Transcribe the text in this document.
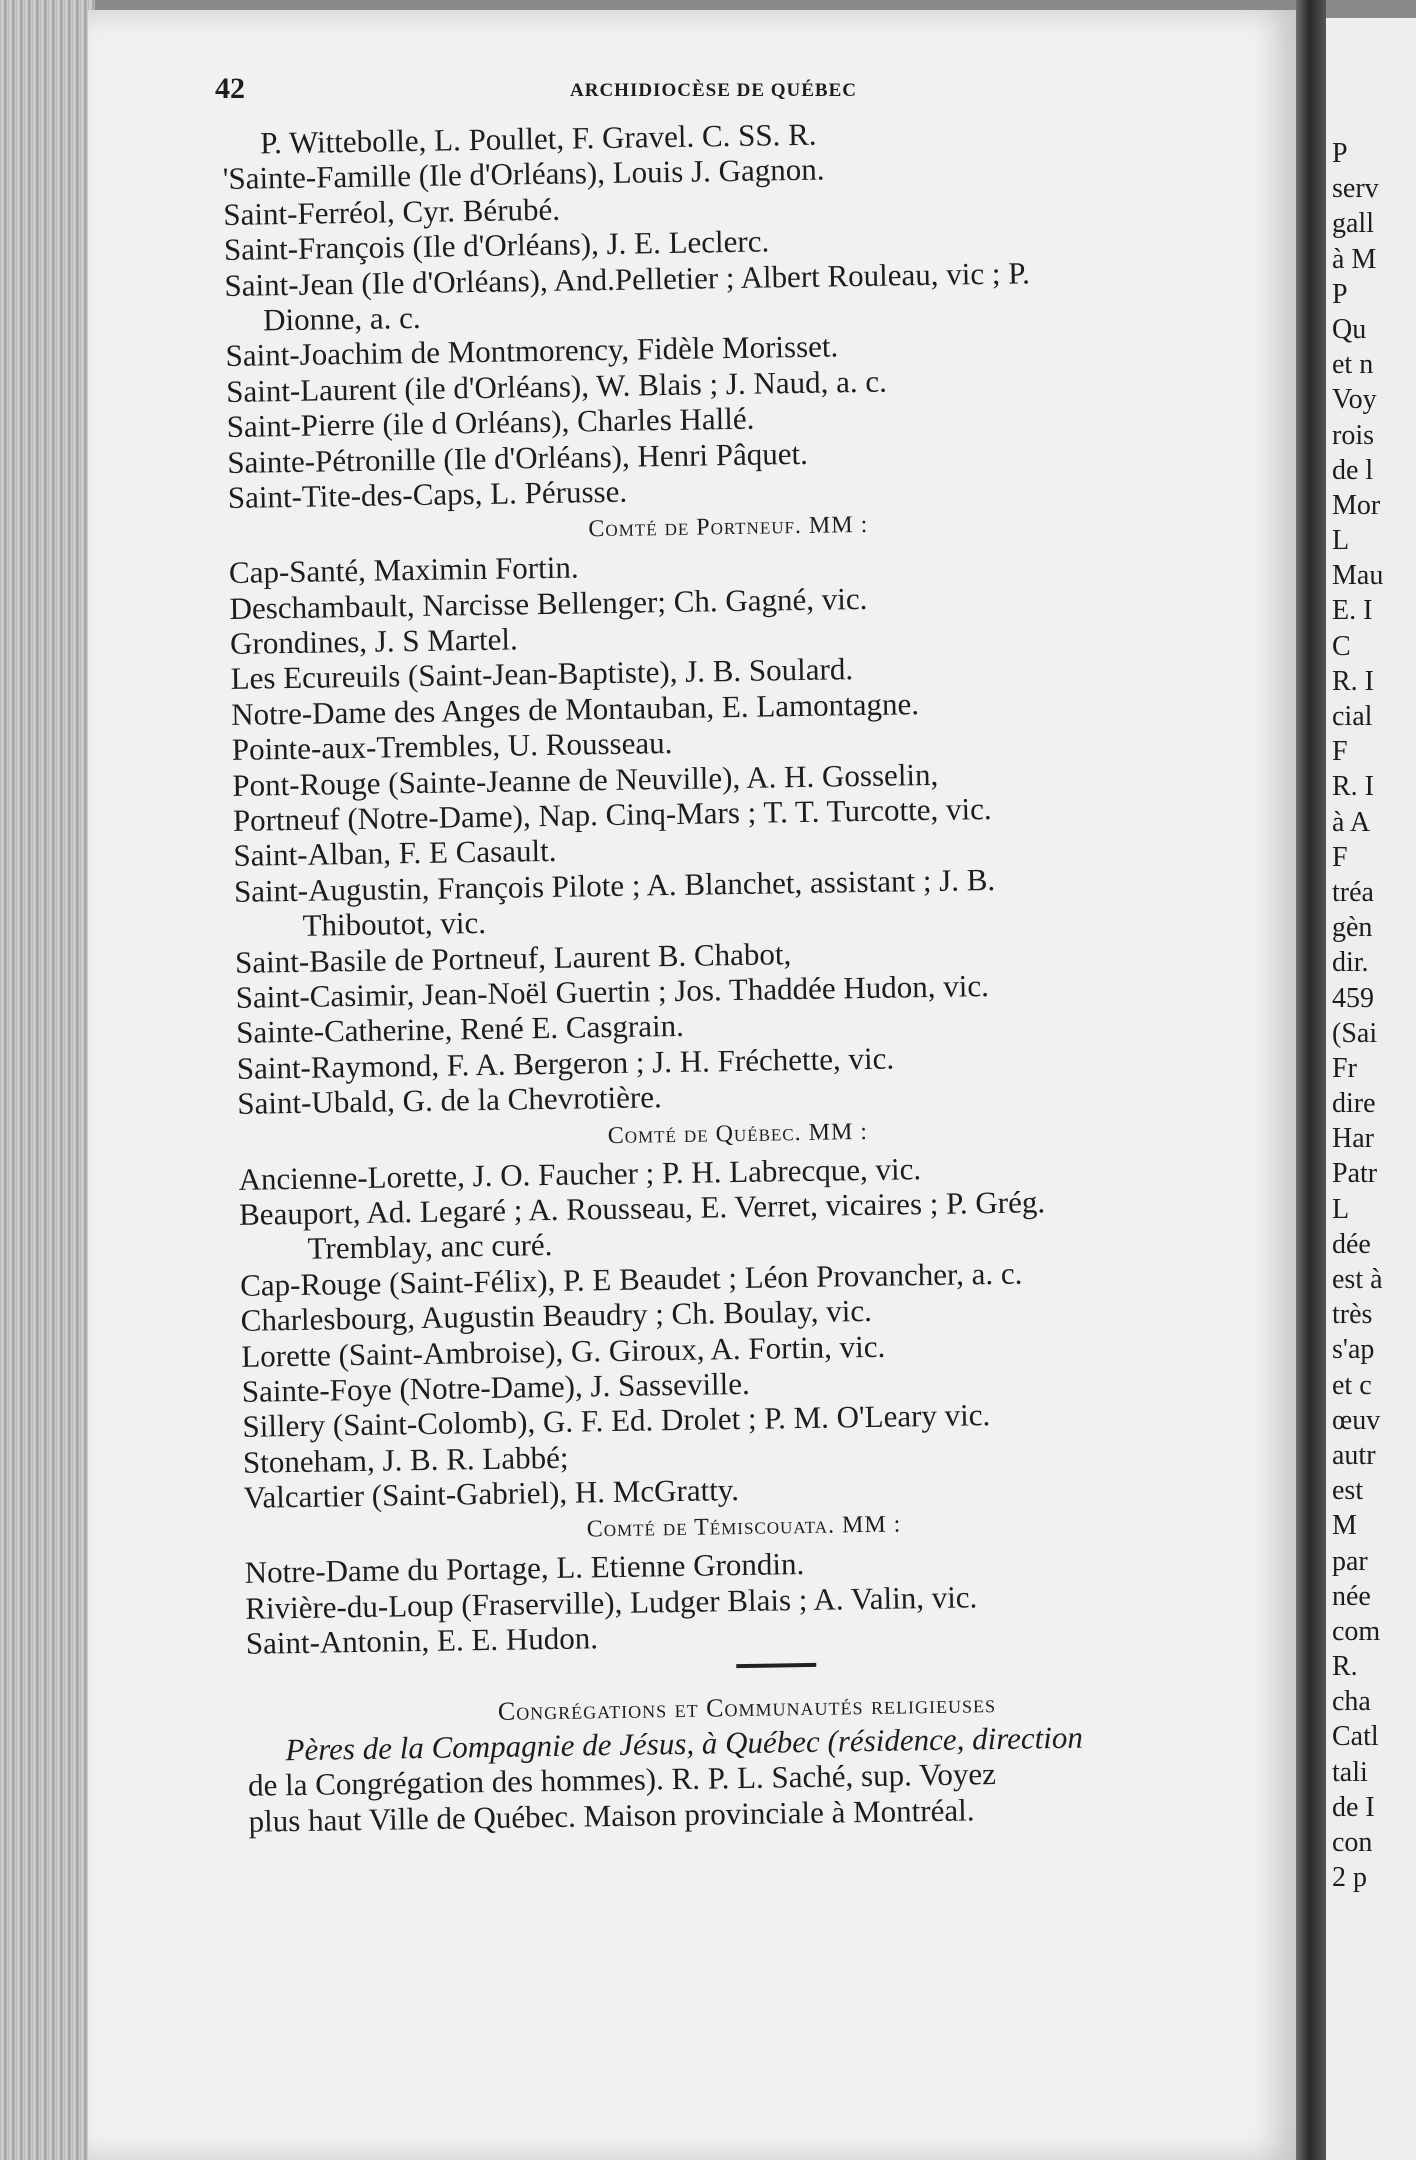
42	ARCHIDIOCÈSE DE QUÉBEC
P. Wittebolle, L. Poullet, F. Gravel. C. SS. R.
'Sainte-Famille (Ile d'Orléans), Louis J. Gagnon.
Saint-Ferréol, Cyr. Bérubé.
Saint-François (Ile d'Orléans), J. E. Leclerc.
Saint-Jean (Ile d'Orléans), And.Pelletier ; Albert Rouleau, vic ; P.
Dionne, a. c.
Saint-Joachim de Montmorency, Fidèle Morisset.
Saint-Laurent (ile d'Orléans), W. Blais ; J. Naud, a. c.
Saint-Pierre (ile d Orléans), Charles Hallé.
Sainte-Pétronille (Ile d'Orléans), Henri Pâquet.
Saint-Tite-des-Caps, L. Pérusse.
Comté de Portneuf. MM :
Cap-Santé, Maximin Fortin.
Deschambault, Narcisse Bellenger; Ch. Gagné, vic.
Grondines, J. S Martel.
Les Ecureuils (Saint-Jean-Baptiste), J. B. Soulard.
Notre-Dame des Anges de Montauban, E. Lamontagne.
Pointe-aux-Trembles, U. Rousseau.
Pont-Rouge (Sainte-Jeanne de Neuville), A. H. Gosselin,
Portneuf (Notre-Dame), Nap. Cinq-Mars ; T. T. Turcotte, vic.
Saint-Alban, F. E Casault.
Saint-Augustin, François Pilote ; A. Blanchet, assistant ; J. B.
Thiboutot, vic.
Saint-Basile de Portneuf, Laurent B. Chabot,
Saint-Casimir, Jean-Noël Guertin ; Jos. Thaddée Hudon, vic.
Sainte-Catherine, René E. Casgrain.
Saint-Raymond, F. A. Bergeron ; J. H. Fréchette, vic.
Saint-Ubald, G. de la Chevrotière.
Comté de Québec. MM :
Ancienne-Lorette, J. O. Faucher ; P. H. Labrecque, vic.
Beauport, Ad. Legaré ; A. Rousseau, E. Verret, vicaires ; P. Grég.
Tremblay, anc curé.
Cap-Rouge (Saint-Félix), P. E Beaudet ; Léon Provancher, a. c.
Charlesbourg, Augustin Beaudry ; Ch. Boulay, vic.
Lorette (Saint-Ambroise), G. Giroux, A. Fortin, vic.
Sainte-Foye (Notre-Dame), J. Sasseville.
Sillery (Saint-Colomb), G. F. Ed. Drolet ; P. M. O'Leary vic.
Stoneham, J. B. R. Labbé;
Valcartier (Saint-Gabriel), H. McGratty.
Comté de Témiscouata. MM :
Notre-Dame du Portage, L. Etienne Grondin.
Rivière-du-Loup (Fraserville), Ludger Blais ; A. Valin, vic.
Saint-Antonin, E. E. Hudon.
Congrégations et Communautés religieuses
Pères de la Compagnie de Jésus, à Québec (résidence, direction
de la Congrégation des hommes). R. P. L. Saché, sup. Voyez
plus haut Ville de Québec. Maison provinciale à Montréal.
P
serv
gall
à M
P
Qu
et n
Voy
rois
de l
Mor
L
Mau
E. I
C
R. I
cial
F
R. I
à A
F
tréa
gèn
dir.
459
(Sai
Fr
dire
Har
Patr
L
dée
est à
très
s'ap
et c
œuv
autr
est
M
par
née
com
R.
cha
Catl
tali
de I
con
2 p
